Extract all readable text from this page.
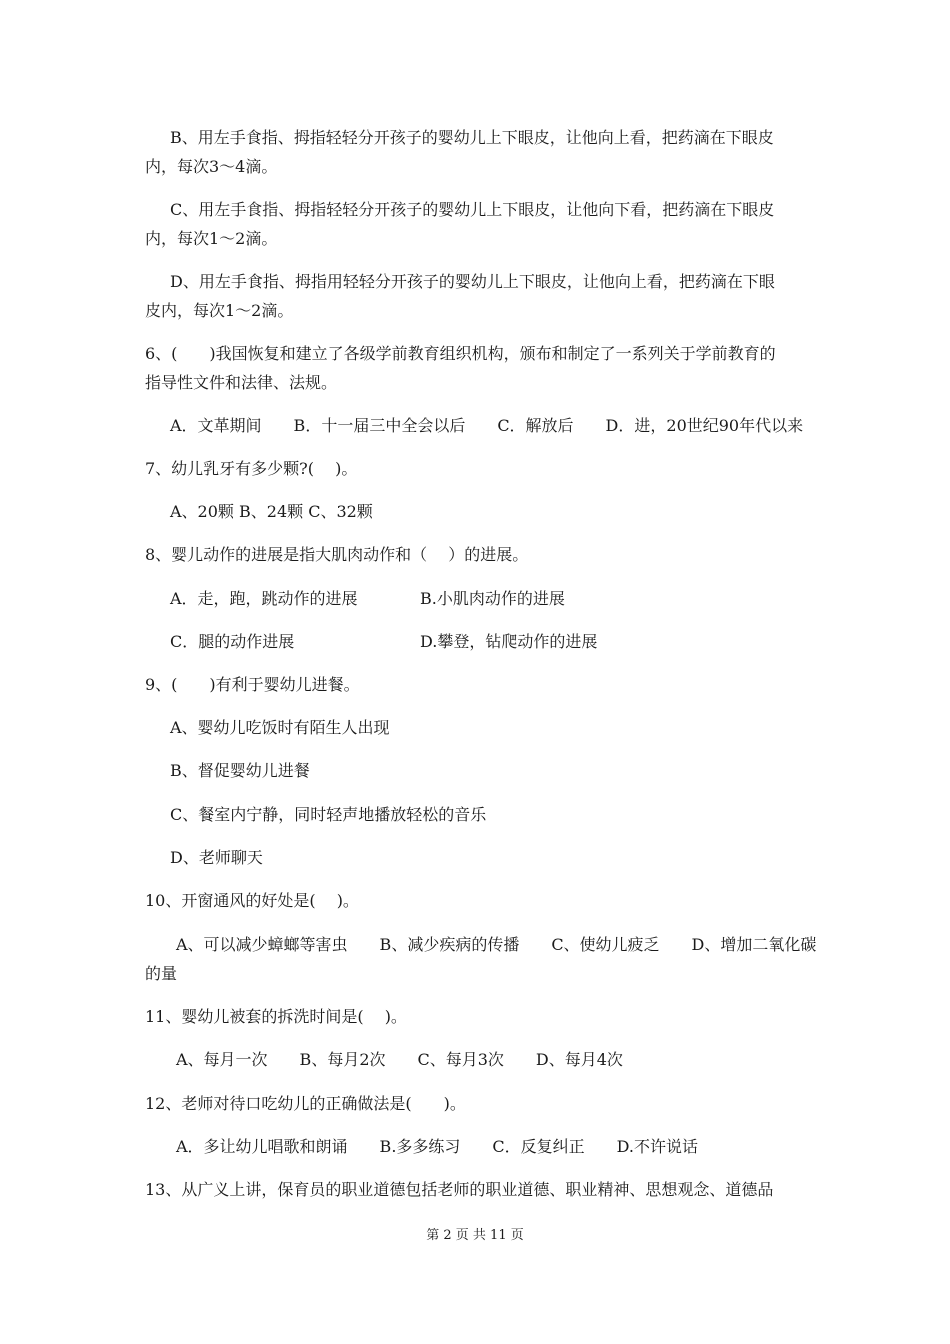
B、用左手食指、拇指轻轻分开孩子的婴幼儿上下眼皮，让他向上看，把药滴在下眼皮
内，每次3～4滴。
C、用左手食指、拇指轻轻分开孩子的婴幼儿上下眼皮，让他向下看，把药滴在下眼皮
内，每次1～2滴。
D、用左手食指、拇指用轻轻分开孩子的婴幼儿上下眼皮，让他向上看，把药滴在下眼
皮内，每次1～2滴。
6、(　　)我国恢复和建立了各级学前教育组织机构，颁布和制定了一系列关于学前教育的
指导性文件和法律、法规。
A．文革期间　　B．十一届三中全会以后　　C．解放后　　D．进，20世纪90年代以来
7、幼儿乳牙有多少颗?(　 )。
A、20颗 B、24颗 C、32颗
8、婴儿动作的进展是指大肌肉动作和（　 ）的进展。
A．走，跑，跳动作的进展	B.小肌肉动作的进展
C．腿的动作进展	D.攀登，钻爬动作的进展
9、(　　)有利于婴幼儿进餐。
A、婴幼儿吃饭时有陌生人出现
B、督促婴幼儿进餐
C、餐室内宁静，同时轻声地播放轻松的音乐
D、老师聊天
10、开窗通风的好处是(　 )。
A、可以减少蟑螂等害虫　　B、减少疾病的传播　　C、使幼儿疲乏　　D、增加二氧化碳
的量
11、婴幼儿被套的拆洗时间是(　 )。
A、每月一次　　B、每月2次　　C、每月3次　　D、每月4次
12、老师对待口吃幼儿的正确做法是(　　)。
A．多让幼儿唱歌和朗诵　　B.多多练习　　C．反复纠正　　D.不许说话
13、从广义上讲，保育员的职业道德包括老师的职业道德、职业精神、思想观念、道德品
第 2 页 共 11 页
